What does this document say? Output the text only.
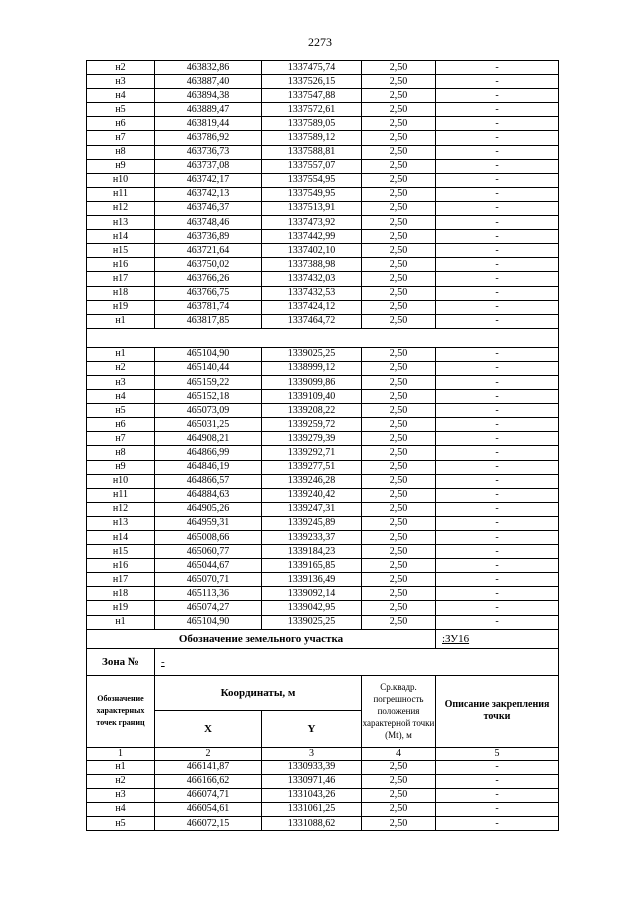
2273
н2	463832,86	1337475,74	2,50	-
н3	463887,40	1337526,15	2,50	-
н4	463894,38	1337547,88	2,50	-
н5	463889,47	1337572,61	2,50	-
н6	463819,44	1337589,05	2,50	-
н7	463786,92	1337589,12	2,50	-
н8	463736,73	1337588,81	2,50	-
н9	463737,08	1337557,07	2,50	-
н10	463742,17	1337554,95	2,50	-
н11	463742,13	1337549,95	2,50	-
н12	463746,37	1337513,91	2,50	-
н13	463748,46	1337473,92	2,50	-
н14	463736,89	1337442,99	2,50	-
н15	463721,64	1337402,10	2,50	-
н16	463750,02	1337388,98	2,50	-
н17	463766,26	1337432,03	2,50	-
н18	463766,75	1337432,53	2,50	-
н19	463781,74	1337424,12	2,50	-
н1	463817,85	1337464,72	2,50	-

н1	465104,90	1339025,25	2,50	-
н2	465140,44	1338999,12	2,50	-
н3	465159,22	1339099,86	2,50	-
н4	465152,18	1339109,40	2,50	-
н5	465073,09	1339208,22	2,50	-
н6	465031,25	1339259,72	2,50	-
н7	464908,21	1339279,39	2,50	-
н8	464866,99	1339292,71	2,50	-
н9	464846,19	1339277,51	2,50	-
н10	464866,57	1339246,28	2,50	-
н11	464884,63	1339240,42	2,50	-
н12	464905,26	1339247,31	2,50	-
н13	464959,31	1339245,89	2,50	-
н14	465008,66	1339233,37	2,50	-
н15	465060,77	1339184,23	2,50	-
н16	465044,67	1339165,85	2,50	-
н17	465070,71	1339136,49	2,50	-
н18	465113,36	1339092,14	2,50	-
н19	465074,27	1339042,95	2,50	-
н1	465104,90	1339025,25	2,50	-
Обозначение земельного участка				:ЗУ16
Зона №	-			
Обозначение характерных точек границ	Координаты, м		Ср.квадр. погрешность положения характерной точки (Mt), м	Описание закрепления точки
	X	Y		
1	2	3	4	5
н1	466141,87	1330933,39	2,50	-
н2	466166,62	1330971,46	2,50	-
н3	466074,71	1331043,26	2,50	-
н4	466054,61	1331061,25	2,50	-
н5	466072,15	1331088,62	2,50	-
